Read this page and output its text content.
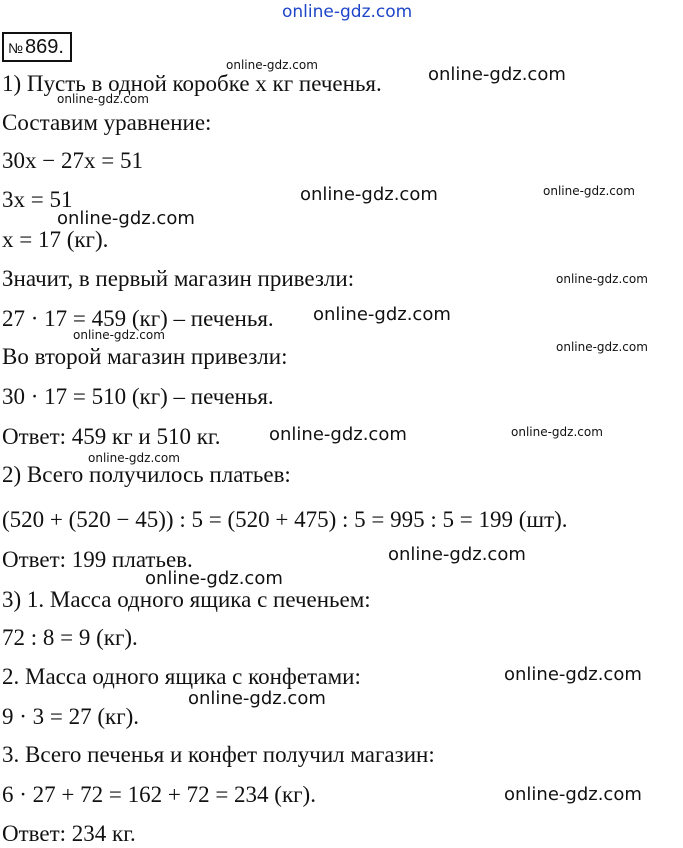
online-gdz.com
№ 869.
1) Пусть в одной коробке x кг печенья.
Составим уравнение:
30x − 27x = 51
3x = 51
x = 17 (кг).
Значит, в первый магазин привезли:
27 · 17 = 459 (кг) – печенья.
Во второй магазин привезли:
30 · 17 = 510 (кг) – печенья.
Ответ: 459 кг и 510 кг.
2) Всего получилось платьев:
(520 + (520 − 45)) : 5 = (520 + 475) : 5 = 995 : 5 = 199 (шт).
Ответ: 199 платьев.
3) 1. Масса одного ящика с печеньем:
72 : 8 = 9 (кг).
2. Масса одного ящика с конфетами:
9 · 3 = 27 (кг).
3. Всего печенья и конфет получил магазин:
6 · 27 + 72 = 162 + 72 = 234 (кг).
Ответ: 234 кг.
online-gdz.com	online-gdz.com
online-gdz.com
online-gdz.com	online-gdz.com
online-gdz.com
online-gdz.com
online-gdz.com
online-gdz.com
online-gdz.com
online-gdz.com
online-gdz.com
online-gdz.com
online-gdz.com
online-gdz.com
online-gdz.com
online-gdz.com
online-gdz.com
